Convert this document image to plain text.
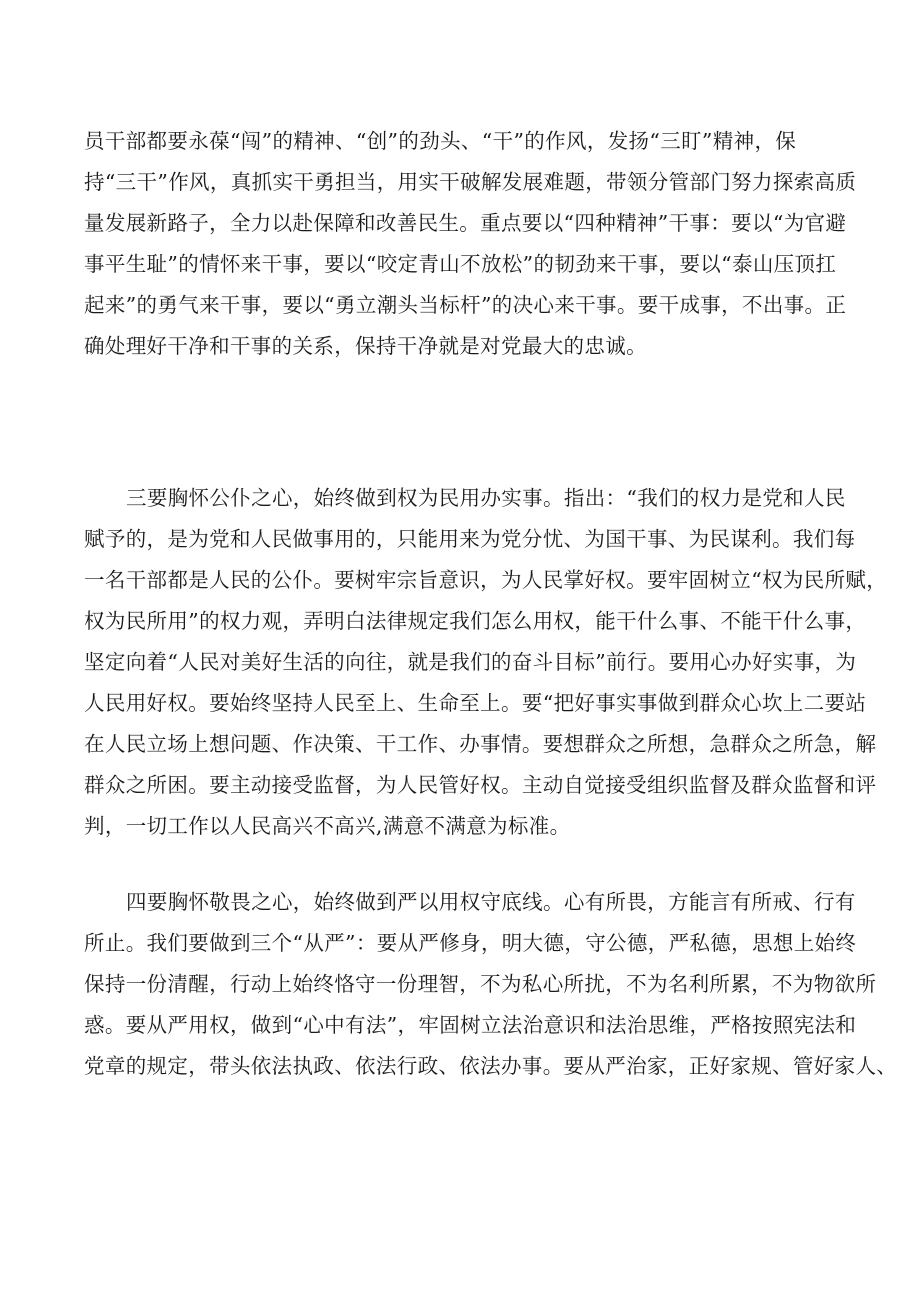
员干部都要永葆“闯”的精神、“创”的劲头、“干”的作风，发扬“三盯”精神，保
持“三干”作风，真抓实干勇担当，用实干破解发展难题，带领分管部门努力探索高质
量发展新路子，全力以赴保障和改善民生。重点要以“四种精神”干事：要以“为官避
事平生耻”的情怀来干事，要以“咬定青山不放松”的韧劲来干事，要以“泰山压顶扛
起来”的勇气来干事，要以“勇立潮头当标杆”的决心来干事。要干成事，不出事。正
确处理好干净和干事的关系，保持干净就是对党最大的忠诚。
三要胸怀公仆之心，始终做到权为民用办实事。指出：“我们的权力是党和人民
赋予的，是为党和人民做事用的，只能用来为党分忧、为国干事、为民谋利。我们每
一名干部都是人民的公仆。要树牢宗旨意识，为人民掌好权。要牢固树立“权为民所赋，
权为民所用”的权力观，弄明白法律规定我们怎么用权，能干什么事、不能干什么事，
坚定向着“人民对美好生活的向往，就是我们的奋斗目标”前行。要用心办好实事，为
人民用好权。要始终坚持人民至上、生命至上。要“把好事实事做到群众心坎上二要站
在人民立场上想问题、作决策、干工作、办事情。要想群众之所想，急群众之所急，解
群众之所困。要主动接受监督，为人民管好权。主动自觉接受组织监督及群众监督和评
判，一切工作以人民高兴不高兴,满意不满意为标准。
四要胸怀敬畏之心，始终做到严以用权守底线。心有所畏，方能言有所戒、行有
所止。我们要做到三个“从严”：要从严修身，明大德，守公德，严私德，思想上始终
保持一份清醒，行动上始终恪守一份理智，不为私心所扰，不为名利所累，不为物欲所
惑。要从严用权，做到“心中有法”，牢固树立法治意识和法治思维，严格按照宪法和
党章的规定，带头依法执政、依法行政、依法办事。要从严治家，正好家规、管好家人、
